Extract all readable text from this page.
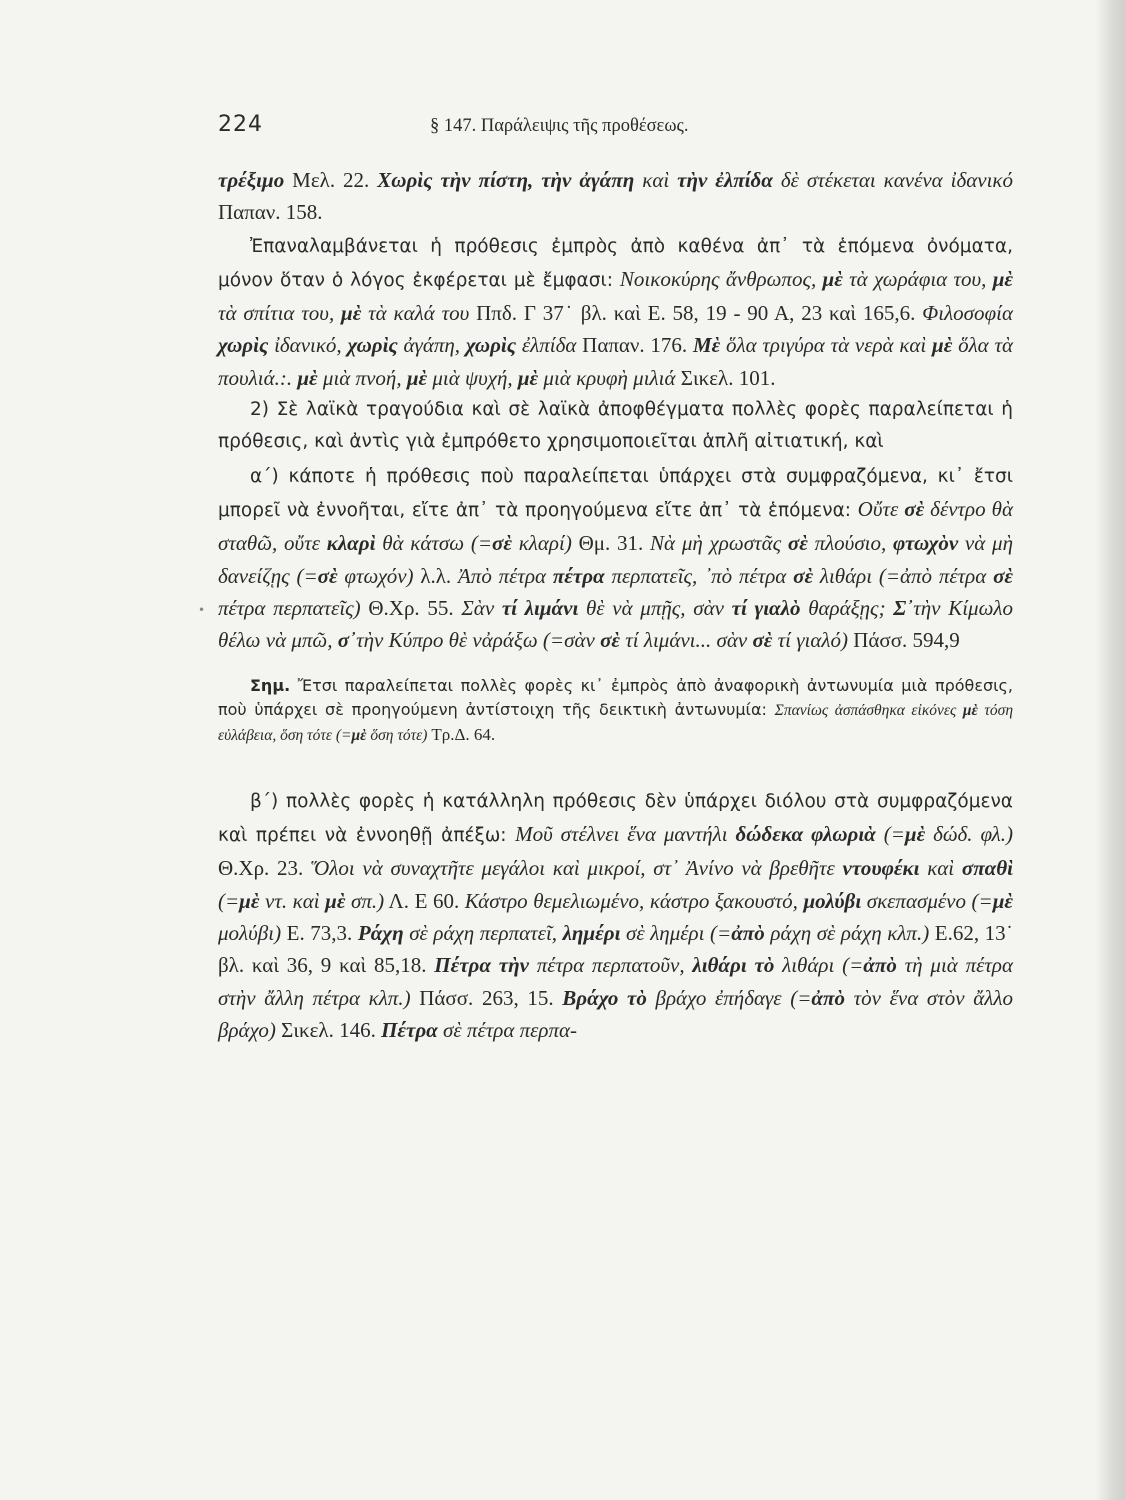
224	§ 147. Παράλειψις τῆς προθέσεως.
•

τρέξιμο Μελ. 22. Χωρὶς τὴν πίστη, τὴν ἀγάπη καὶ τὴν ἐλπίδα δὲ στέκεται κανένα ἰδανικό Παπαν. 158.

Ἐπαναλαμβάνεται ἡ πρόθεσις ἐμπρὸς ἀπὸ καθένα ἀπ᾽ τὰ ἑπόμενα ὀνόματα, μόνον ὅταν ὁ λόγος ἐκφέρεται μὲ ἔμφασι: Νοικοκύρης ἄνθρωπος, μὲ τὰ χωράφια του, μὲ τὰ σπίτια του, μὲ τὰ καλά του Ππδ. Γ 37˙ βλ. καὶ Ε. 58, 19 - 90 Α, 23 καὶ 165,6. Φιλοσοφία χωρὶς ἰδανικό, χωρὶς ἀγάπη, χωρὶς ἐλπίδα Παπαν. 176. Μὲ ὅλα τριγύρα τὰ νερὰ καὶ μὲ ὅλα τὰ πουλιά.:. μὲ μιὰ πνοή, μὲ μιὰ ψυχή, μὲ μιὰ κρυφὴ μιλιά Σικελ. 101.

2) Σὲ λαϊκὰ τραγούδια καὶ σὲ λαϊκὰ ἀποφθέγματα πολλὲς φορὲς παραλείπεται ἡ πρόθεσις, καὶ ἀντὶς γιὰ ἐμπρόθετο χρησιμοποιεῖται ἁπλῆ αἰτιατική, καὶ

α´) κάποτε ἡ πρόθεσις ποὺ παραλείπεται ὑπάρχει στὰ συμφραζόμενα, κι᾽ ἔτσι μπορεῖ νὰ ἐννοῆται, εἴτε ἀπ᾽ τὰ προηγούμενα εἴτε ἀπ᾽ τὰ ἑπόμενα: Οὔτε σὲ δέντρο θὰ σταθῶ, οὔτε κλαρὶ θὰ κάτσω (=σὲ κλαρί) Θμ. 31. Νὰ μὴ χρωστᾶς σὲ πλούσιο, φτωχὸν νὰ μὴ δανείζῃς (=σὲ φτωχόν) λ.λ. Ἀπὸ πέτρα πέτρα περπατεῖς, ᾽πὸ πέτρα σὲ λιθάρι (=ἀπὸ πέτρα σὲ πέτρα περπατεῖς) Θ.Χρ. 55. Σὰν τί λιμάνι θὲ νὰ μπῇς, σὰν τί γιαλὸ θαράξῃς; Σ᾽τὴν Κίμωλο θέλω νὰ μπῶ, σ᾽τὴν Κύπρο θὲ νἀράξω (=σὰν σὲ τί λιμάνι... σὰν σὲ τί γιαλό) Πάσσ. 594,9

Σημ. Ἔτσι παραλείπεται πολλὲς φορὲς κι᾽ ἐμπρὸς ἀπὸ ἀναφορικὴ ἀντωνυμία μιὰ πρόθεσις, ποὺ ὑπάρχει σὲ προηγούμενη ἀντίστοιχη τῆς δεικτικὴ ἀντωνυμία: Σπανίως ἀσπάσθηκα εἰκόνες μὲ τόση εὐλάβεια, ὅση τότε (=μὲ ὅση τότε) Τρ.Δ. 64.

β´) πολλὲς φορὲς ἡ κατάλληλη πρόθεσις δὲν ὑπάρχει διόλου στὰ συμφραζόμενα καὶ πρέπει νὰ ἐννοηθῇ ἀπέξω: Μοῦ στέλνει ἕνα μαντήλι δώδεκα φλωριὰ (=μὲ δώδ. φλ.) Θ.Χρ. 23. Ὅλοι νὰ συναχτῆτε μεγάλοι καὶ μικροί, στ᾽ Ἀνίνο νὰ βρεθῆτε ντουφέκι καὶ σπαθὶ (=μὲ ντ. καὶ μὲ σπ.) Λ. Ε 60. Κάστρο θεμελιωμένο, κάστρο ξακουστό, μολύβι σκεπασμένο (=μὲ μολύβι) Ε. 73,3. Ράχη σὲ ράχη περπατεῖ, λημέρι σὲ λημέρι (=ἀπὸ ράχη σὲ ράχη κλπ.) Ε.62, 13˙ βλ. καὶ 36, 9 καὶ 85,18. Πέτρα τὴν πέτρα περπατοῦν, λιθάρι τὸ λιθάρι (=ἀπὸ τὴ μιὰ πέτρα στὴν ἄλλη πέτρα κλπ.) Πάσσ. 263, 15. Βράχο τὸ βράχο ἐπήδαγε (=ἀπὸ τὸν ἕνα στὸν ἄλλο βράχο) Σικελ. 146. Πέτρα σὲ πέτρα περπα-
